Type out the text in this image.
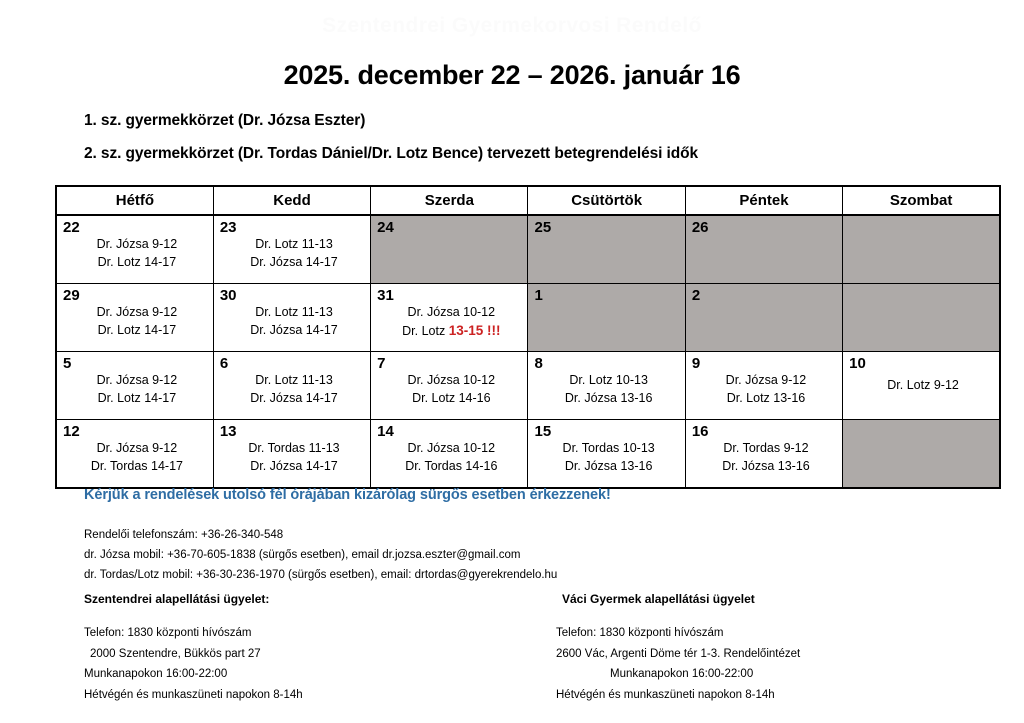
Szentendrei Gyermekorvosi Rendelő
2025. december 22 – 2026. január 16
1. sz. gyermekkörzet (Dr. Józsa Eszter)
2. sz. gyermekkörzet (Dr. Tordas Dániel/Dr. Lotz Bence) tervezett betegrendelési idők
Hétfő	Kedd	Szerda	Csütörtök	Péntek	Szombat

22
Dr. Józsa 9-12
Dr. Lotz 14-17	23
Dr. Lotz 11-13
Dr. Józsa 14-17	24	25	26	

29
Dr. Józsa 9-12
Dr. Lotz 14-17	30
Dr. Lotz 11-13
Dr. Józsa 14-17	31
Dr. Józsa 10-12
Dr. Lotz 13-15 !!!	1	2	

5
Dr. Józsa 9-12
Dr. Lotz 14-17	6
Dr. Lotz 11-13
Dr. Józsa 14-17	7
Dr. Józsa 10-12
Dr. Lotz 14-16	8
Dr. Lotz 10-13
Dr. Józsa 13-16	9
Dr. Józsa 9-12
Dr. Lotz 13-16	10
Dr. Lotz 9-12

12
Dr. Józsa 9-12
Dr. Tordas 14-17	13
Dr. Tordas 11-13
Dr. Józsa 14-17	14
Dr. Józsa 10-12
Dr. Tordas 14-16	15
Dr. Tordas 10-13
Dr. Józsa 13-16	16
Dr. Tordas 9-12
Dr. Józsa 13-16	

Kérjük a rendelések utolsó fél órájában kizárólag sürgős esetben érkezzenek!
Rendelői telefonszám: +36-26-340-548
dr. Józsa mobil: +36-70-605-1838 (sürgős esetben), email dr.jozsa.eszter@gmail.com
dr. Tordas/Lotz mobil: +36-30-236-1970 (sürgős esetben), email: drtordas@gyerekrendelo.hu
Szentendrei alapellátási ügyelet:
Telefon: 1830 központi hívószám
2000 Szentendre, Bükkös part 27
Munkanapokon 16:00-22:00
Hétvégén és munkaszüneti napokon 8-14h
Váci Gyermek alapellátási ügyelet
Telefon: 1830 központi hívószám
2600 Vác, Argenti Döme tér 1-3. Rendelőintézet
Munkanapokon 16:00-22:00
Hétvégén és munkaszüneti napokon 8-14h
